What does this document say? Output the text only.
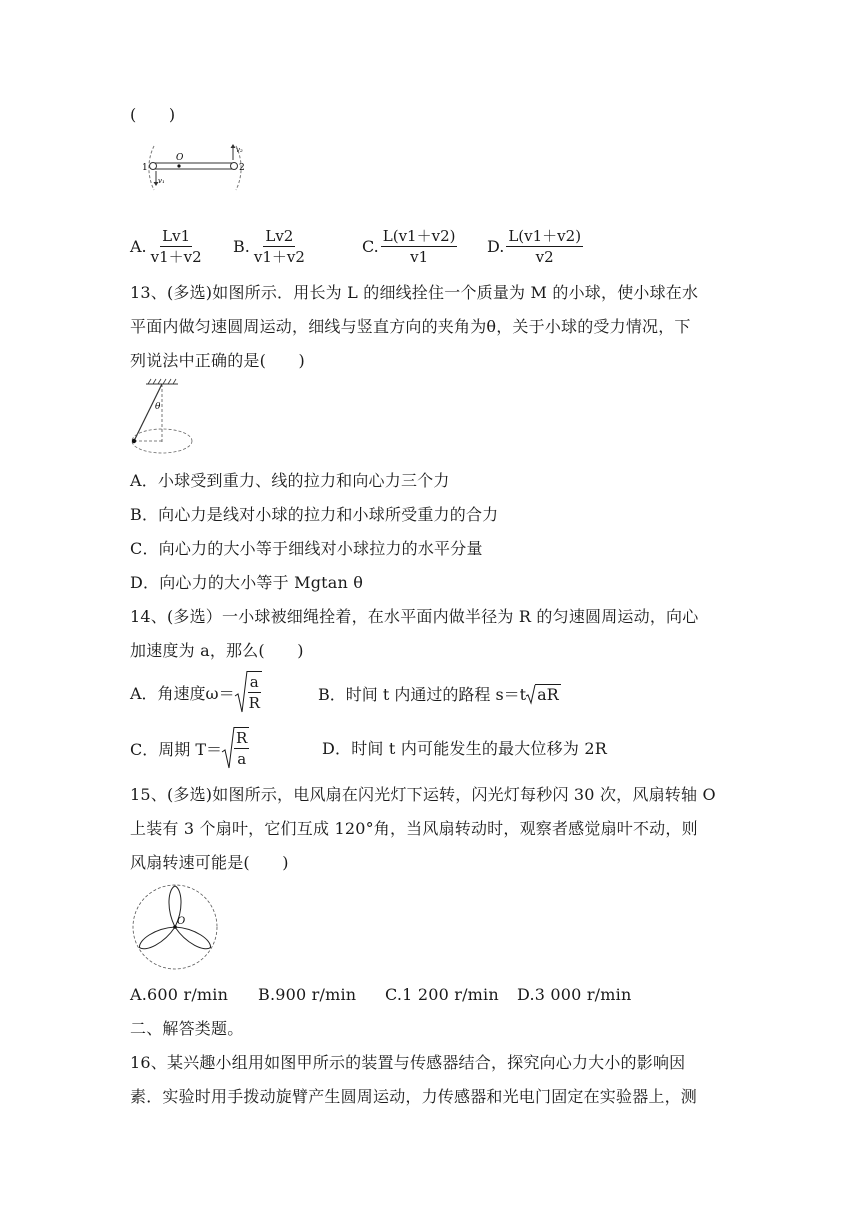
(　　)
O
1	2
v₁
v₂
A. $\frac{Lv1}{v1+v2} B$. $\frac{Lv2}{v1+v2}$	C. $\frac{L(v1+v2)}{v1} D$. $\frac{L(v1+v2)}{v2}$
13、(多选)如图所示．用长为 L 的细线拴住一个质量为 M 的小球，使小球在水
平面内做匀速圆周运动，细线与竖直方向的夹角为θ，关于小球的受力情况，下
列说法中正确的是(　　)
θ
A．小球受到重力、线的拉力和向心力三个力
B．向心力是线对小球的拉力和小球所受重力的合力
C．向心力的大小等于细线对小球拉力的水平分量
D．向心力的大小等于 Mgtan θ
14、(多选）一小球被细绳拴着，在水平面内做半径为 R 的匀速圆周运动，向心
加速度为 a，那么(　　)
A．角速度$\omega= \frac{a}{R}$	B．时间 t 内通过的路程 s＝t aR
C．周期 $T= \frac{R}{a}$	D．时间 t 内可能发生的最大位移为 2R
15、(多选)如图所示，电风扇在闪光灯下运转，闪光灯每秒闪 30 次，风扇转轴 O
上装有 3 个扇叶，它们互成 120°角，当风扇转动时，观察者感觉扇叶不动，则
风扇转速可能是(　　)
O
A.600 r/min B.900 r/min C.1 200 r/min D.3 000 r/min
二、解答类题。
16、某兴趣小组用如图甲所示的装置与传感器结合，探究向心力大小的影响因
素．实验时用手拨动旋臂产生圆周运动，力传感器和光电门固定在实验器上，测
